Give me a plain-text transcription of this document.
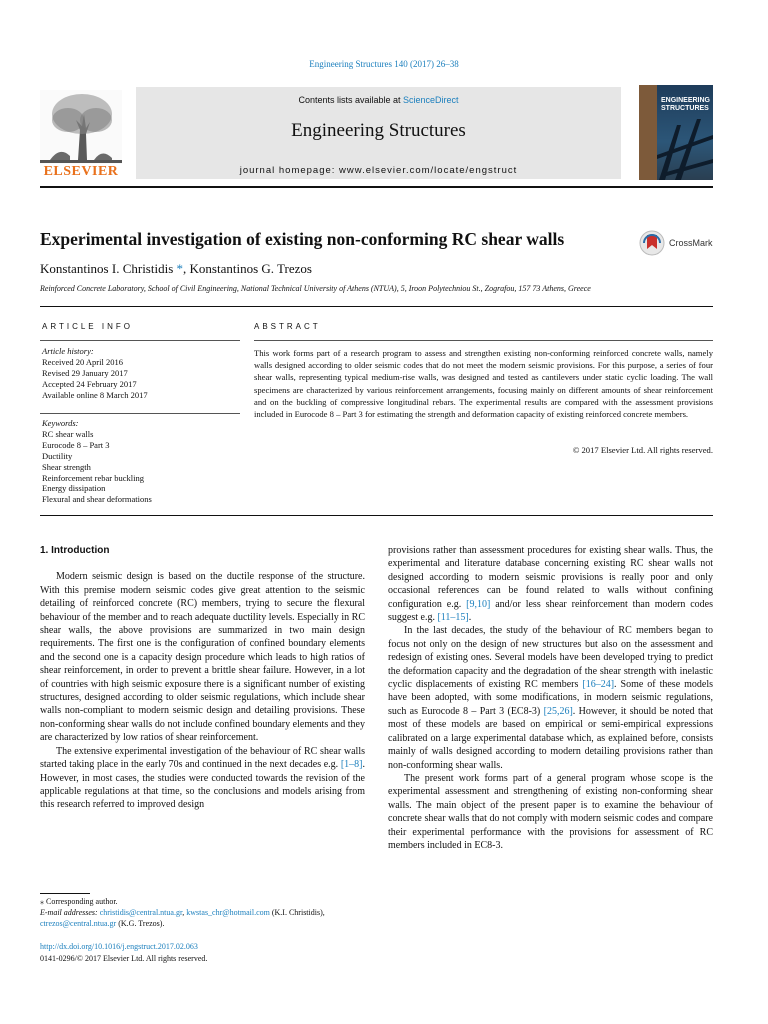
Engineering Structures 140 (2017) 26–38
ELSEVIER
Contents lists available at ScienceDirect
Engineering Structures
journal homepage: www.elsevier.com/locate/engstruct
ENGINEERING
STRUCTURES
Experimental investigation of existing non-conforming RC shear walls	CrossMark
Konstantinos I. Christidis *, Konstantinos G. Trezos
Reinforced Concrete Laboratory, School of Civil Engineering, National Technical University of Athens (NTUA), 5, Iroon Polytechniou St., Zografou, 157 73 Athens, Greece
ARTICLE INFO	ABSTRACT
Article history:
Received 20 April 2016
Revised 29 January 2017
Accepted 24 February 2017
Available online 8 March 2017
Keywords:
RC shear walls
Eurocode 8 – Part 3
Ductility
Shear strength
Reinforcement rebar buckling
Energy dissipation
Flexural and shear deformations
This work forms part of a research program to assess and strengthen existing non-conforming reinforced concrete walls, namely walls designed according to older seismic codes that do not meet the modern seismic provisions. For this purpose, a series of four shear walls, representing typical medium-rise walls, was designed and tested as cantilevers under static cyclic loading. The wall specimens are characterized by various reinforcement arrangements, focusing mainly on different amounts of shear reinforcement and on the buckling of compressive longitudinal rebars. The experimental results are compared with the assessment provisions included in Eurocode 8 – Part 3 for estimating the strength and deformation capacity of existing reinforced concrete members.
© 2017 Elsevier Ltd. All rights reserved.
1. Introduction

Modern seismic design is based on the ductile response of the structure. With this premise modern seismic codes give great attention to the seismic detailing of reinforced concrete (RC) members, trying to secure the flexural behaviour of the member and to reach adequate ductility levels. Especially in RC shear walls, the above provisions are summarized in two main design requirements. The first one is the configuration of confined boundary elements and the second one is a capacity design procedure which leads to high ratios of shear reinforcement, in order to prevent a brittle shear failure. However, in a lot of countries with high seismic exposure there is a significant number of existing structures, designed according to older seismic regulations, which include shear walls non-compliant to modern seismic design and detailing provisions. These non-conforming shear walls do not include confined boundary elements and they are characterized by low ratios of shear reinforcement.

The extensive experimental investigation of the behaviour of RC shear walls started taking place in the early 70s and continued in the next decades e.g. [1–8]. However, in most cases, the studies were conducted towards the revision of the applicable regulations at that time, so the conclusions and models arising from this research referred to improved design

provisions rather than assessment procedures for existing shear walls. Thus, the experimental and literature database concerning existing RC shear walls not designed according to modern seismic provisions is really poor and only occasional references can be found related to walls without confining configuration e.g. [9,10] and/or less shear reinforcement than modern codes suggest e.g. [11–15].

In the last decades, the study of the behaviour of RC members began to focus not only on the design of new structures but also on the assessment and redesign of existing ones. Several models have been developed trying to predict the deformation capacity and the degradation of the shear strength with inelastic cyclic displacements of existing RC members [16–24]. Some of these models have been adopted, with some modifications, in modern seismic regulations, such as Eurocode 8 – Part 3 (EC8-3) [25,26]. However, it should be noted that most of these models are based on empirical or semi-empirical expressions calibrated on a large experimental database which, as explained before, consists mainly of walls designed according to modern detailing provisions rather than non-conforming shear walls.

The present work forms part of a general program whose scope is the experimental assessment and strengthening of existing non-conforming shear walls. The main object of the present paper is to examine the behaviour of concrete shear walls that do not comply with modern seismic codes and compare their experimental performance with the provisions for assessment of RC members included in EC8-3.

⁎ Corresponding author.
E-mail addresses: christidis@central.ntua.gr, kwstas_chr@hotmail.com (K.I. Christidis), ctrezos@central.ntua.gr (K.G. Trezos).
http://dx.doi.org/10.1016/j.engstruct.2017.02.063
0141-0296/© 2017 Elsevier Ltd. All rights reserved.
